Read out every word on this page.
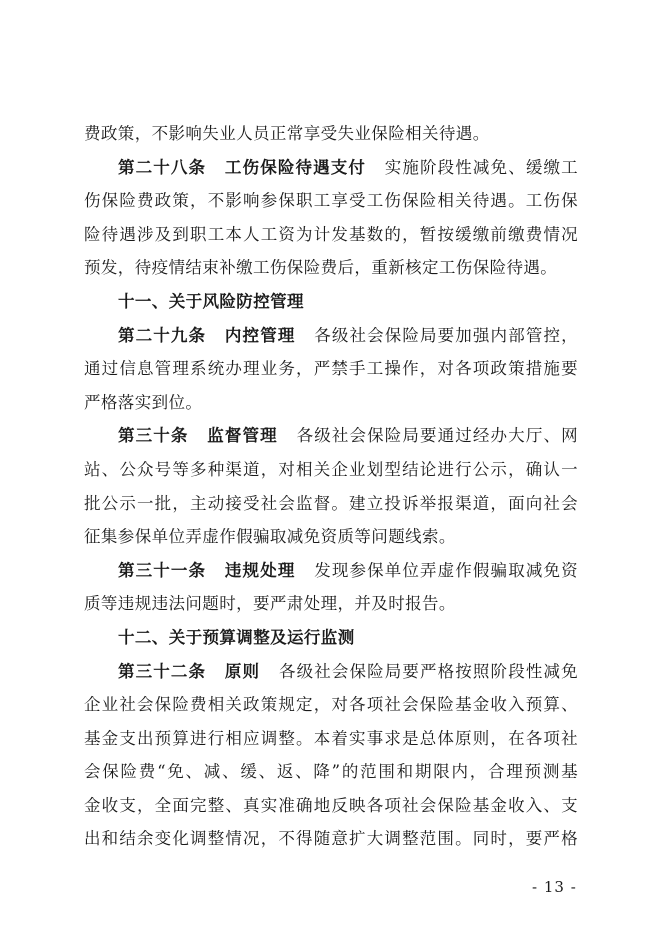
费政策，不影响失业人员正常享受失业保险相关待遇。
第二十八条 工伤保险待遇支付 实施阶段性减免、缓缴工
伤保险费政策，不影响参保职工享受工伤保险相关待遇。工伤保
险待遇涉及到职工本人工资为计发基数的，暂按缓缴前缴费情况
预发，待疫情结束补缴工伤保险费后，重新核定工伤保险待遇。
十一、关于风险防控管理
第二十九条 内控管理 各级社会保险局要加强内部管控，
通过信息管理系统办理业务，严禁手工操作，对各项政策措施要
严格落实到位。
第三十条 监督管理 各级社会保险局要通过经办大厅、网
站、公众号等多种渠道，对相关企业划型结论进行公示，确认一
批公示一批，主动接受社会监督。建立投诉举报渠道，面向社会
征集参保单位弄虚作假骗取减免资质等问题线索。
第三十一条 违规处理 发现参保单位弄虚作假骗取减免资
质等违规违法问题时，要严肃处理，并及时报告。
十二、关于预算调整及运行监测
第三十二条 原则 各级社会保险局要严格按照阶段性减免
企业社会保险费相关政策规定，对各项社会保险基金收入预算、
基金支出预算进行相应调整。本着实事求是总体原则，在各项社
会保险费“免、减、缓、返、降”的范围和期限内，合理预测基
金收支，全面完整、真实准确地反映各项社会保险基金收入、支
出和结余变化调整情况，不得随意扩大调整范围。同时，要严格
- 13 -
